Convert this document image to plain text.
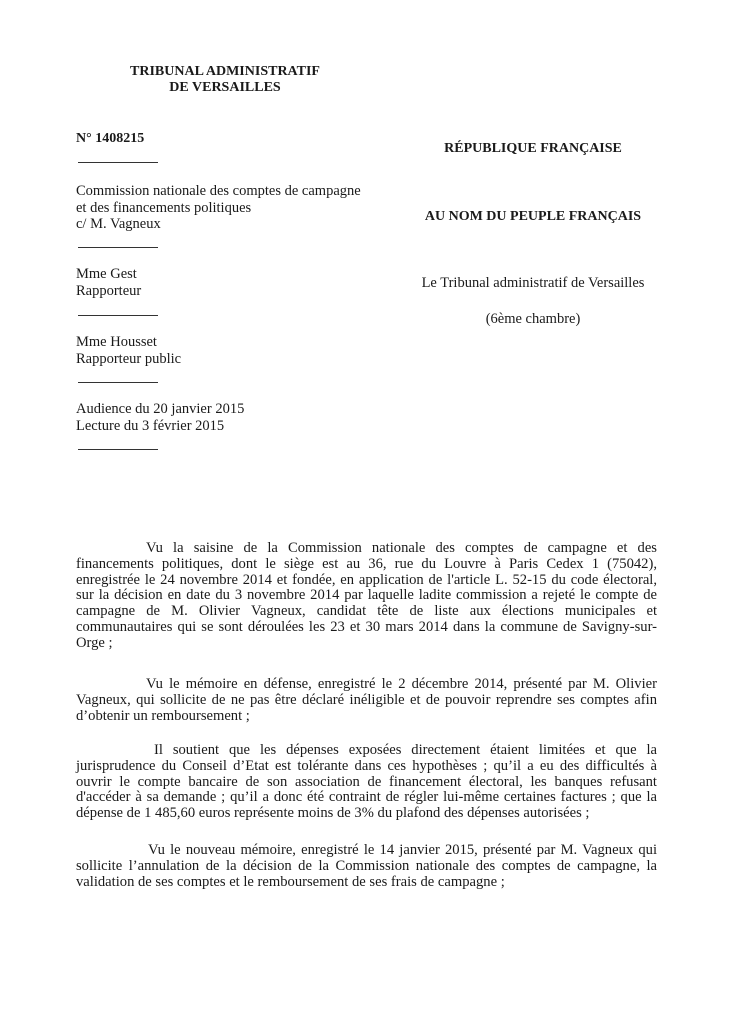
TRIBUNAL ADMINISTRATIF
DE VERSAILLES
N° 1408215
RÉPUBLIQUE FRANÇAISE
AU NOM DU PEUPLE FRANÇAIS
Le Tribunal administratif de Versailles
(6ème chambre)
Commission nationale des comptes de campagne
et des financements politiques
c/ M. Vagneux
Mme Gest
Rapporteur
Mme Housset
Rapporteur public
Audience du 20 janvier 2015
Lecture du 3 février 2015
Vu la saisine de la Commission nationale des comptes de campagne et des financements politiques, dont le siège est au 36, rue du Louvre à Paris Cedex 1 (75042), enregistrée le 24 novembre 2014 et fondée, en application de l'article L. 52-15 du code électoral, sur la décision en date du 3 novembre 2014 par laquelle ladite commission a rejeté le compte de campagne de M. Olivier Vagneux, candidat tête de liste aux élections municipales et communautaires qui se sont déroulées les 23 et 30 mars 2014 dans la commune de Savigny-sur-Orge ;
Vu le mémoire en défense, enregistré le 2 décembre 2014, présenté par M. Olivier Vagneux, qui sollicite de ne pas être déclaré inéligible et de pouvoir reprendre ses comptes afin d’obtenir un remboursement ;
Il soutient que les dépenses exposées directement étaient limitées et que la jurisprudence du Conseil d’Etat est tolérante dans ces hypothèses ; qu’il a eu des difficultés à ouvrir le compte bancaire de son association de financement électoral, les banques refusant d'accéder à sa demande ; qu’il a donc été contraint de régler lui-même certaines factures ; que la dépense de 1 485,60 euros représente moins de 3% du plafond des dépenses autorisées ;
Vu le nouveau mémoire, enregistré le 14 janvier 2015, présenté par M. Vagneux qui sollicite l’annulation de la décision de la Commission nationale des comptes de campagne, la validation de ses comptes et le remboursement de ses frais de campagne ;
